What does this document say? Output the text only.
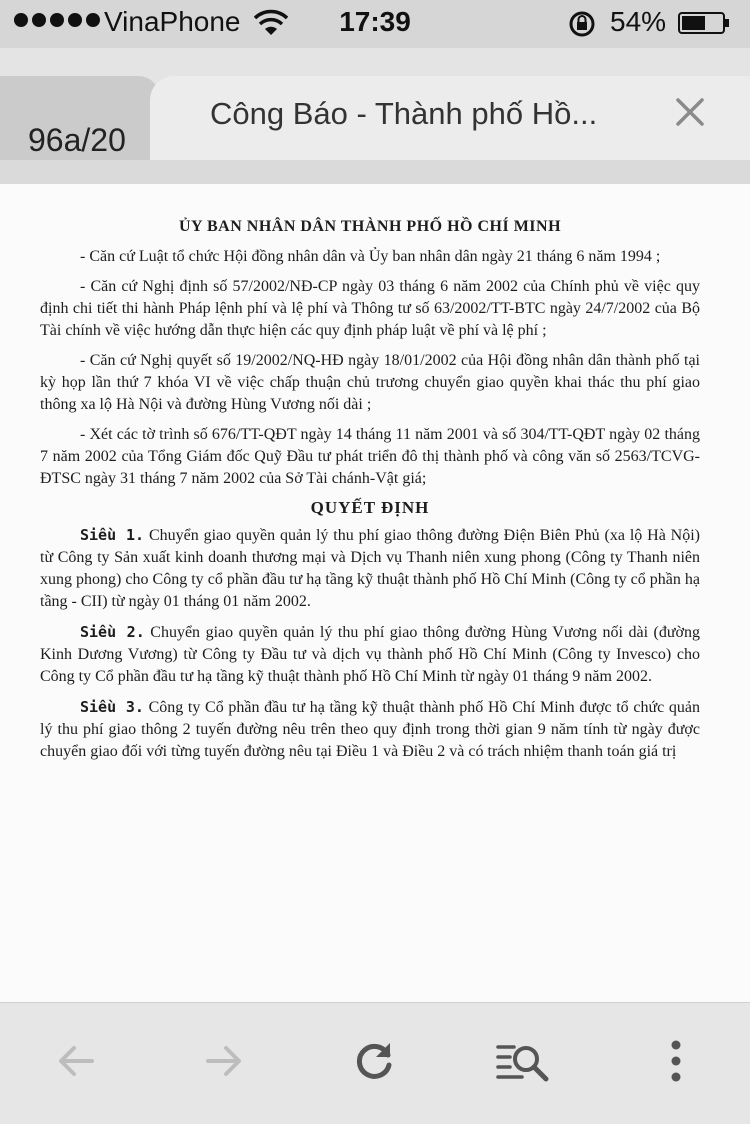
VinaPhone	17:39	54%
96a/20
Công Báo - Thành phố Hồ...
ỦY BAN NHÂN DÂN THÀNH PHỐ HỒ CHÍ MINH

- Căn cứ Luật tổ chức Hội đồng nhân dân và Ủy ban nhân dân ngày 21 tháng 6 năm 1994 ;

- Căn cứ Nghị định số 57/2002/NĐ-CP ngày 03 tháng 6 năm 2002 của Chính phủ về việc quy định chi tiết thi hành Pháp lệnh phí và lệ phí và Thông tư số 63/2002/TT-BTC ngày 24/7/2002 của Bộ Tài chính về việc hướng dẫn thực hiện các quy định pháp luật về phí và lệ phí ;

- Căn cứ Nghị quyết số 19/2002/NQ-HĐ ngày 18/01/2002 của Hội đồng nhân dân thành phố tại kỳ họp lần thứ 7 khóa VI về việc chấp thuận chủ trương chuyển giao quyền khai thác thu phí giao thông xa lộ Hà Nội và đường Hùng Vương nối dài ;

- Xét các tờ trình số 676/TT-QĐT ngày 14 tháng 11 năm 2001 và số 304/TT-QĐT ngày 02 tháng 7 năm 2002 của Tổng Giám đốc Quỹ Đầu tư phát triển đô thị thành phố và công văn số 2563/TCVG-ĐTSC ngày 31 tháng 7 năm 2002 của Sở Tài chánh-Vật giá;

QUYẾT ĐỊNH

Siều 1. Chuyển giao quyền quản lý thu phí giao thông đường Điện Biên Phủ (xa lộ Hà Nội) từ Công ty Sản xuất kinh doanh thương mại và Dịch vụ Thanh niên xung phong (Công ty Thanh niên xung phong) cho Công ty cổ phần đầu tư hạ tầng kỹ thuật thành phố Hồ Chí Minh (Công ty cổ phần hạ tầng - CII) từ ngày 01 tháng 01 năm 2002.

Siều 2. Chuyển giao quyền quản lý thu phí giao thông đường Hùng Vương nối dài (đường Kinh Dương Vương) từ Công ty Đầu tư và dịch vụ thành phố Hồ Chí Minh (Công ty Invesco) cho Công ty Cổ phần đầu tư hạ tầng kỹ thuật thành phố Hồ Chí Minh từ ngày 01 tháng 9 năm 2002.

Siều 3. Công ty Cổ phần đầu tư hạ tầng kỹ thuật thành phố Hồ Chí Minh được tổ chức quản lý thu phí giao thông 2 tuyến đường nêu trên theo quy định trong thời gian 9 năm tính từ ngày được chuyển giao đối với từng tuyến đường nêu tại Điều 1 và Điều 2 và có trách nhiệm thanh toán giá trị
